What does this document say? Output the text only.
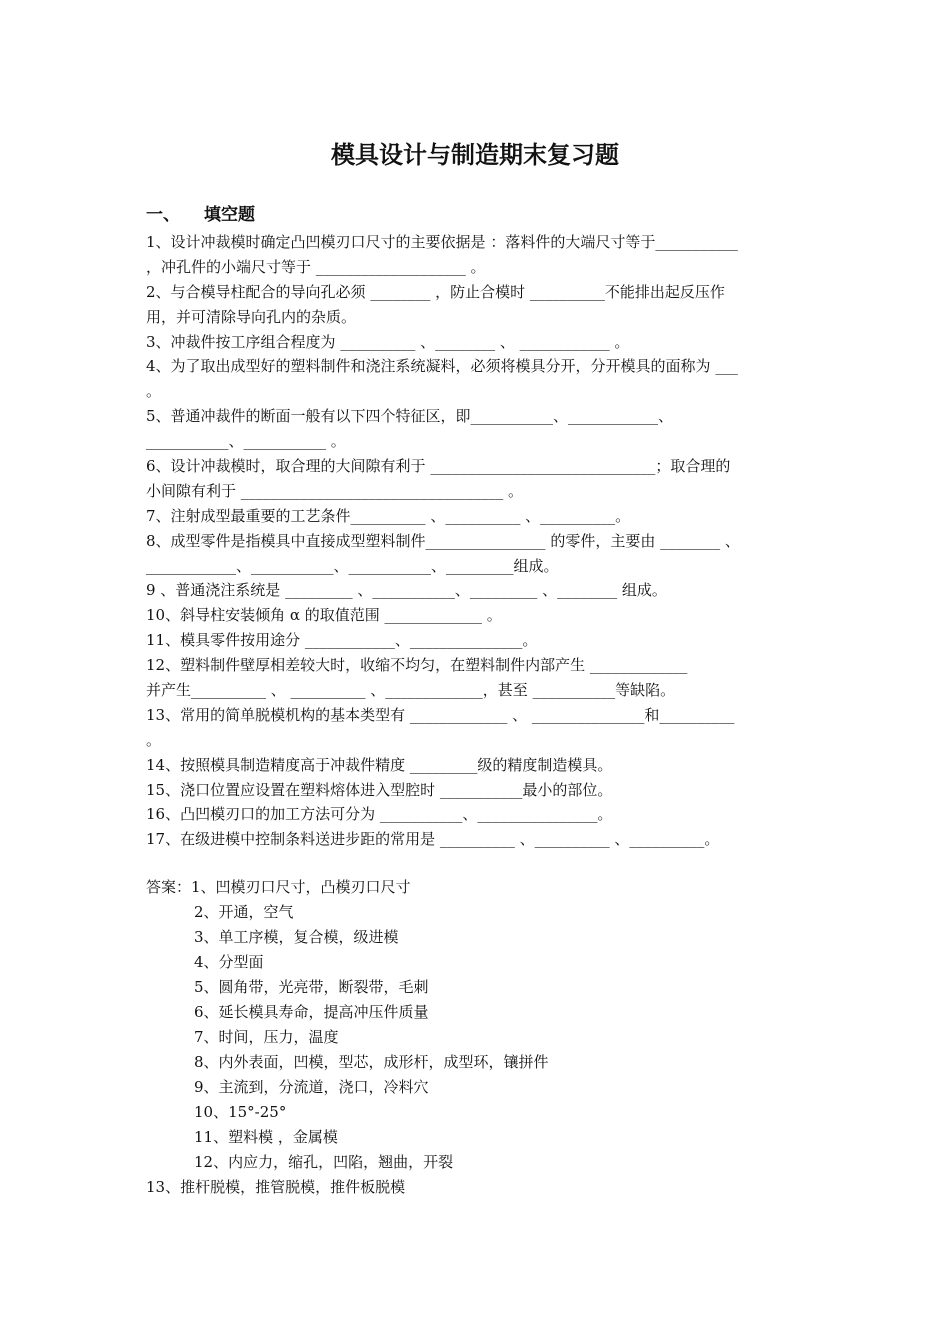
模具设计与制造期末复习题
一、 填空题
1、设计冲裁模时确定凸凹模刃口尺寸的主要依据是 ：落料件的大端尺寸等于___________
，冲孔件的小端尺寸等于 ____________________ 。
2、与合模导柱配合的导向孔必须 ________ ，防止合模时 __________不能排出起反压作
用，并可清除导向孔内的杂质。
3、冲裁件按工序组合程度为 __________ 、________ 、 ____________ 。
4、为了取出成型好的塑料制件和浇注系统凝料，必须将模具分开，分开模具的面称为 ___
。
5、普通冲裁件的断面一般有以下四个特征区，即___________、____________、
___________、___________ 。
6、设计冲裁模时，取合理的大间隙有利于 ______________________________；取合理的
小间隙有利于 ___________________________________ 。
7、注射成型最重要的工艺条件__________ 、__________ 、__________。
8、成型零件是指模具中直接成型塑料制件________________ 的零件，主要由 ________ 、
____________、___________、___________、_________组成。
9 、普通浇注系统是 _________ 、___________、_________ 、________ 组成。
10、斜导柱安装倾角 α 的取值范围 _____________ 。
11、模具零件按用途分 ____________、_______________。
12、塑料制件壁厚相差较大时，收缩不均匀，在塑料制件内部产生 _____________
并产生__________ 、 __________ 、_____________，甚至 ___________等缺陷。
13、常用的简单脱模机构的基本类型有 _____________ 、 _______________和__________
。
14、按照模具制造精度高于冲裁件精度 _________级的精度制造模具。
15、浇口位置应设置在塑料熔体进入型腔时 ___________最小的部位。
16、凸凹模刃口的加工方法可分为 ___________、________________。
17、在级进模中控制条料送进步距的常用是 __________ 、__________ 、__________。
答案：1、凹模刃口尺寸，凸模刃口尺寸
2、开通，空气
3、单工序模，复合模，级进模
4、分型面
5、圆角带，光亮带，断裂带，毛刺
6、延长模具寿命，提高冲压件质量
7、时间，压力，温度
8、内外表面，凹模，型芯，成形杆，成型环，镶拼件
9、主流到，分流道，浇口，冷料穴
10、15°-25°
11、塑料模 ，金属模
12、内应力，缩孔，凹陷，翘曲，开裂
13、推杆脱模，推管脱模，推件板脱模
